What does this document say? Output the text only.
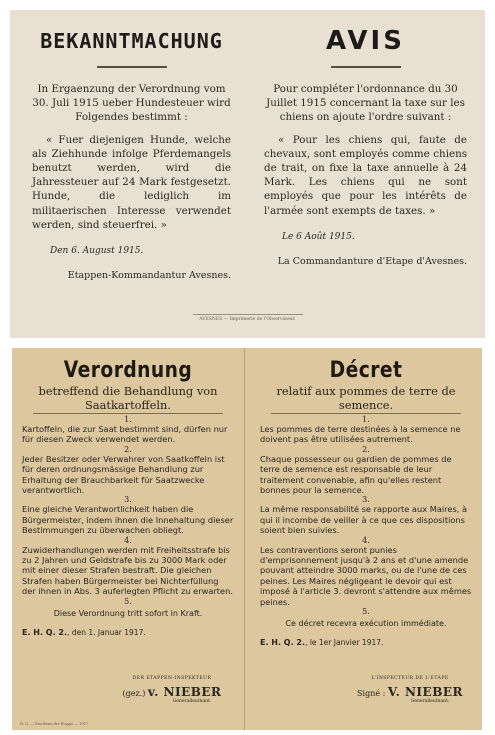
BEKANNTMACHUNG

In Ergaenzung der Verordnung vom 30. Juli 1915 ueber Hundesteuer wird Folgendes bestimmt :

« Fuer diejenigen Hunde, welche als Ziehhunde infolge Pferdemangels benutzt werden, wird die Jahressteuer auf 24 Mark festgesetzt. Hunde, die lediglich im militaerischen Interesse verwendet werden, sind steuerfrei. »

Den 6. August 1915.

Etappen-Kommandantur Avesnes.

AVIS

Pour compléter l'ordonnance du 30 Juillet 1915 concernant la taxe sur les chiens on ajoute l'ordre suivant :

« Pour les chiens qui, faute de chevaux, sont employés comme chiens de trait, on fixe la taxe annuelle à 24 Mark. Les chiens qui ne sont employés que pour les intérêts de l'armée sont exempts de taxes. »

Le 6 Août 1915.

La Commandanture d'Etape d'Avesnes.

AVESNES — Imprimerie de l'Observateur.
Verordnung

betreffend die Behandlung von Saatkartoffeln.

1.

Kartoffeln, die zur Saat bestimmt sind, dürfen nur für diesen Zweck verwendet werden.

2.

Jeder Besitzer oder Verwahrer von Saatkoffeln ist für deren ordnungsmässige Behandlung zur Erhaltung der Brauchbarkeit für Saatzwecke verantwortlich.

3.

Eine gleiche Verantwortlichkeit haben die Bürgermeister, indem ihnen die Innehaltung dieser Bestimmungen zu überwachen obliegt.

4.

Zuwiderhandlungen werden mit Freiheitsstrafe bis zu 2 Jahren und Geldstrafe bis zu 3000 Mark oder mit einer dieser Strafen bestraft. Die gleichen Strafen haben Bürgermeister bei Nichterfüllung der ihnen in Abs. 3 auferlegten Pflicht zu erwarten.

5.

Diese Verordnung tritt sofort in Kraft.

E. H. Q. 2., den 1. Januar 1917.
DER ETAPPEN-INSPEKTEUR
(gez.) v. NIEBER
Generalleutnant.
H. Q. — Druckerei der Etappe — 1917
Décret

relatif aux pommes de terre de semence.

1.

Les pommes de terre destinées à la semence ne doivent pas être utilisées autrement.

2.

Chaque possesseur ou gardien de pommes de terre de semence est responsable de leur traitement convenable, afin qu'elles restent bonnes pour la semence.

3.

La même responsabilité se rapporte aux Maires, à qui il incombe de veiller à ce que ces dispositions soient bien suivies.

4.

Les contraventions seront punies d'emprisonnement jusqu'à 2 ans et d'une amende pouvant atteindre 3000 marks, ou de l'une de ces peines. Les Maires négligeant le devoir qui est imposé à l'article 3. devront s'attendre aux mêmes peines.

5.

Ce décret recevra exécution immédiate.

E. H. Q. 2., le 1er Janvier 1917.
L'INSPECTEUR DE L'ETAPE
Signé : V. NIEBER
Generalleutnant.
